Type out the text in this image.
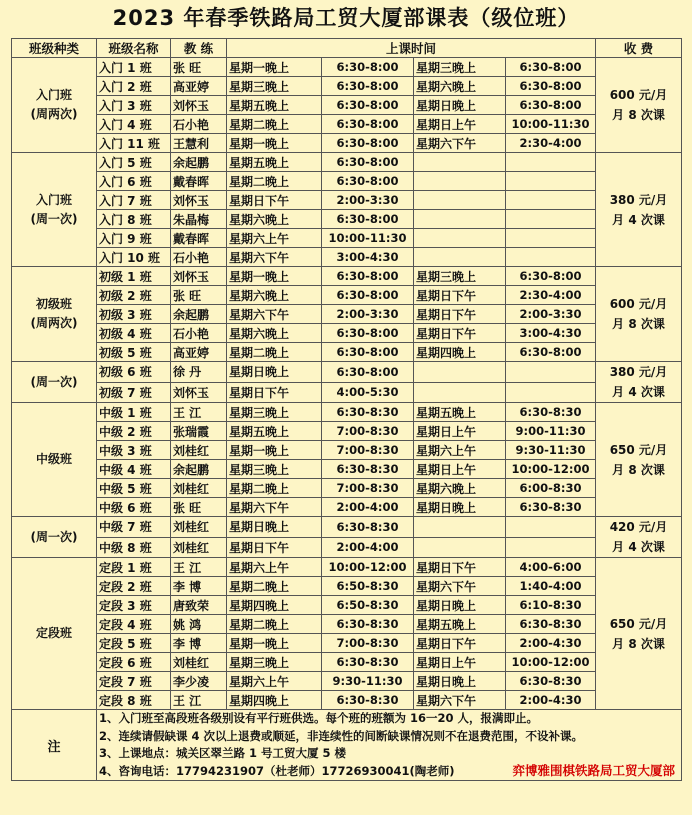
2023 年春季铁路局工贸大厦部课表（级位班）
班级种类	班级名称	教 练	上课时间				收 费
入门班
(周两次)	入门 1 班	张 旺	星期一晚上	6:30-8:00	星期三晚上	6:30-8:00	600 元/月
月 8 次课
	入门 2 班	高亚婷	星期三晚上	6:30-8:00	星期六晚上	6:30-8:00	
	入门 3 班	刘怀玉	星期五晚上	6:30-8:00	星期日晚上	6:30-8:00	
	入门 4 班	石小艳	星期二晚上	6:30-8:00	星期日上午	10:00-11:30	
	入门 11 班	王慧利	星期一晚上	6:30-8:00	星期六下午	2:30-4:00	
入门班
(周一次)	入门 5 班	余起鹏	星期五晚上	6:30-8:00			380 元/月
月 4 次课
	入门 6 班	戴春晖	星期二晚上	6:30-8:00			
	入门 7 班	刘怀玉	星期日下午	2:00-3:30			
	入门 8 班	朱晶梅	星期六晚上	6:30-8:00			
	入门 9 班	戴春晖	星期六上午	10:00-11:30			
	入门 10 班	石小艳	星期六下午	3:00-4:30			
初级班
(周两次)	初级 1 班	刘怀玉	星期一晚上	6:30-8:00	星期三晚上	6:30-8:00	600 元/月
月 8 次课
	初级 2 班	张 旺	星期六晚上	6:30-8:00	星期日下午	2:30-4:00	
	初级 3 班	余起鹏	星期六下午	2:00-3:30	星期日下午	2:00-3:30	
	初级 4 班	石小艳	星期六晚上	6:30-8:00	星期日下午	3:00-4:30	
	初级 5 班	高亚婷	星期二晚上	6:30-8:00	星期四晚上	6:30-8:00	
(周一次)	初级 6 班	徐 丹	星期日晚上	6:30-8:00			380 元/月
月 4 次课
	初级 7 班	刘怀玉	星期日下午	4:00-5:30			
中级班	中级 1 班	王 江	星期三晚上	6:30-8:30	星期五晚上	6:30-8:30	650 元/月
月 8 次课
	中级 2 班	张瑞霞	星期五晚上	7:00-8:30	星期日上午	9:00-11:30	
	中级 3 班	刘桂红	星期一晚上	7:00-8:30	星期六上午	9:30-11:30	
	中级 4 班	余起鹏	星期三晚上	6:30-8:30	星期日上午	10:00-12:00	
	中级 5 班	刘桂红	星期二晚上	7:00-8:30	星期六晚上	6:00-8:30	
	中级 6 班	张 旺	星期六下午	2:00-4:00	星期日晚上	6:30-8:30	
(周一次)	中级 7 班	刘桂红	星期日晚上	6:30-8:30			420 元/月
月 4 次课
	中级 8 班	刘桂红	星期日下午	2:00-4:00			
定段班	定段 1 班	王 江	星期六上午	10:00-12:00	星期日下午	4:00-6:00	650 元/月
月 8 次课
	定段 2 班	李 博	星期二晚上	6:50-8:30	星期六下午	1:40-4:00	
	定段 3 班	唐致荣	星期四晚上	6:50-8:30	星期日晚上	6:10-8:30	
	定段 4 班	姚 鸿	星期二晚上	6:30-8:30	星期五晚上	6:30-8:30	
	定段 5 班	李 博	星期一晚上	7:00-8:30	星期日下午	2:00-4:30	
	定段 6 班	刘桂红	星期三晚上	6:30-8:30	星期日上午	10:00-12:00	
	定段 7 班	李少凌	星期六上午	9:30-11:30	星期日晚上	6:30-8:30	
	定段 8 班	王 江	星期四晚上	6:30-8:30	星期六下午	2:00-4:30	
注	1、入门班至高段班各级别设有平行班供选。每个班的班额为 16一20 人，报满即止。
2、连续请假缺课 4 次以上退费或顺延，非连续性的间断缺课情况则不在退费范围，不设补课。
3、上课地点：城关区翠兰路 1 号工贸大厦 5 楼
4、咨询电话：17794231907（杜老师）17726930041(陶老师) 弈博雅围棋铁路局工贸大厦部						
